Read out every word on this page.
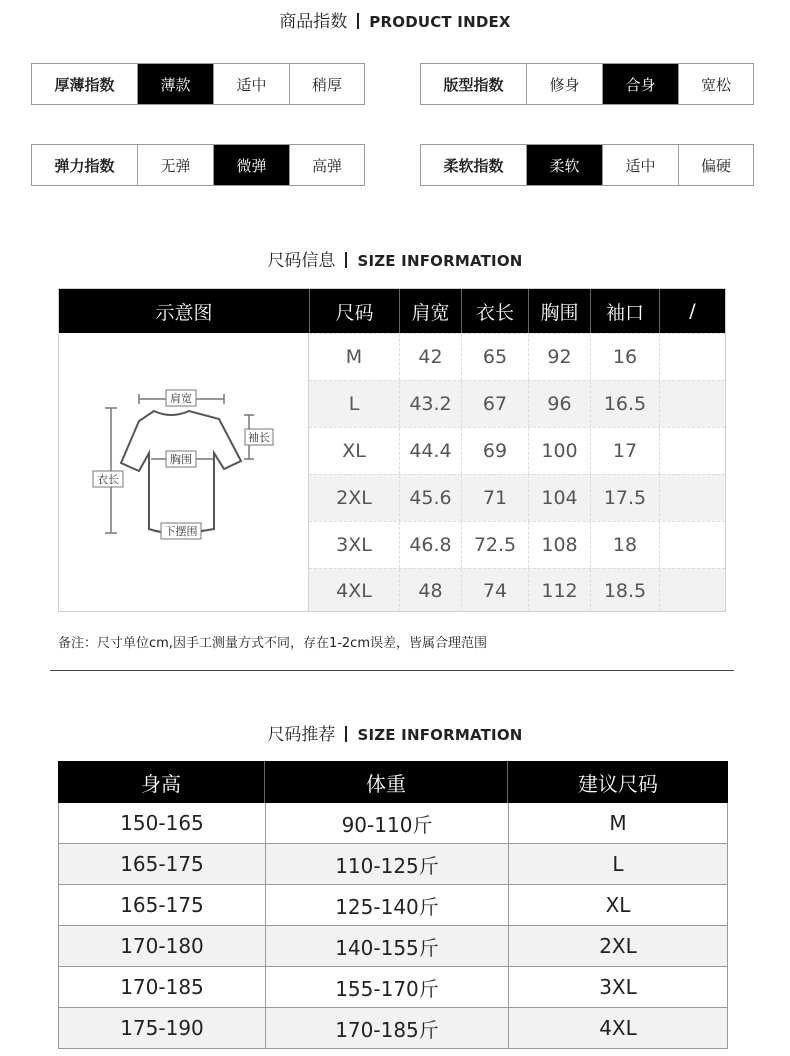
商品指数 PRODUCT INDEX
厚薄指数	薄款	适中	稍厚	版型指数	修身	合身	宽松
弹力指数	无弹	微弹	高弹	柔软指数	柔软	适中	偏硬
尺码信息 SIZE INFORMATION
示意图	尺码	肩宽	衣长	胸围	袖口	/
肩宽
胸围
袖长
衣长
下摆围
M	42	65	92	16
L	43.2	67	96	16.5
XL	44.4	69	100	17
2XL	45.6	71	104	17.5
3XL	46.8	72.5	108	18
4XL	48	74	112	18.5
备注：尺寸单位cm,因手工测量方式不同，存在1-2cm误差，皆属合理范围
尺码推荐 SIZE INFORMATION
身高	体重	建议尺码
150-165	90-110斤	M
165-175	110-125斤	L
165-175	125-140斤	XL
170-180	140-155斤	2XL
170-185	155-170斤	3XL
175-190	170-185斤	4XL
